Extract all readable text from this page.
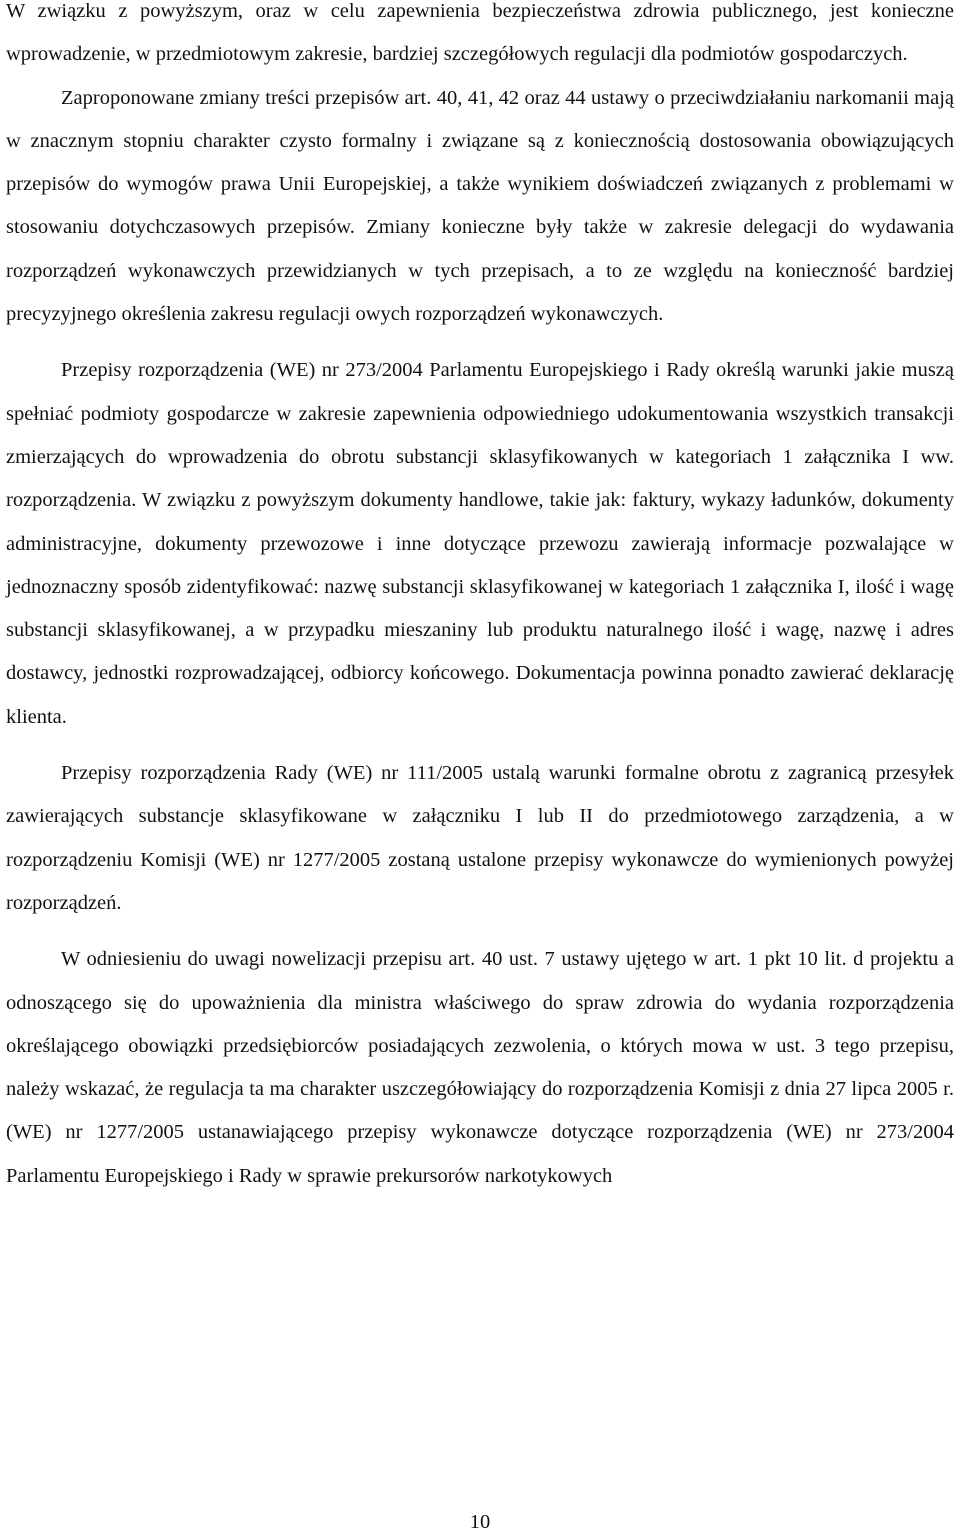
W związku z powyższym, oraz w celu zapewnienia bezpieczeństwa zdrowia publicznego, jest konieczne wprowadzenie, w przedmiotowym zakresie, bardziej szczegółowych regulacji dla podmiotów gospodarczych.

Zaproponowane zmiany treści przepisów art. 40, 41, 42 oraz 44 ustawy o przeciwdziałaniu narkomanii mają w znacznym stopniu charakter czysto formalny i związane są z koniecznością dostosowania obowiązujących przepisów do wymogów prawa Unii Europejskiej, a także wynikiem doświadczeń związanych z problemami w stosowaniu dotychczasowych przepisów. Zmiany konieczne były także w zakresie delegacji do wydawania rozporządzeń wykonawczych przewidzianych w tych przepisach, a to ze względu na konieczność bardziej precyzyjnego określenia zakresu regulacji owych rozporządzeń wykonawczych.

Przepisy rozporządzenia (WE) nr 273/2004 Parlamentu Europejskiego i Rady określą warunki jakie muszą spełniać podmioty gospodarcze w zakresie zapewnienia odpowiedniego udokumentowania wszystkich transakcji zmierzających do wprowadzenia do obrotu substancji sklasyfikowanych w kategoriach 1 załącznika I ww. rozporządzenia. W związku z powyższym dokumenty handlowe, takie jak: faktury, wykazy ładunków, dokumenty administracyjne, dokumenty przewozowe i inne dotyczące przewozu zawierają informacje pozwalające w jednoznaczny sposób zidentyfikować: nazwę substancji sklasyfikowanej w kategoriach 1 załącznika I, ilość i wagę substancji sklasyfikowanej, a w przypadku mieszaniny lub produktu naturalnego ilość i wagę, nazwę i adres dostawcy, jednostki rozprowadzającej, odbiorcy końcowego. Dokumentacja powinna ponadto zawierać deklarację klienta.

Przepisy rozporządzenia Rady (WE) nr 111/2005 ustalą warunki formalne obrotu z zagranicą przesyłek zawierających substancje sklasyfikowane w załączniku I lub II do przedmiotowego zarządzenia, a w rozporządzeniu Komisji (WE) nr 1277/2005 zostaną ustalone przepisy wykonawcze do wymienionych powyżej rozporządzeń.

W odniesieniu do uwagi nowelizacji przepisu art. 40 ust. 7 ustawy ujętego w art. 1 pkt 10 lit. d projektu a odnoszącego się do upoważnienia dla ministra właściwego do spraw zdrowia do wydania rozporządzenia określającego obowiązki przedsiębiorców posiadających zezwolenia, o których mowa w ust. 3 tego przepisu, należy wskazać, że regulacja ta ma charakter uszczegółowiający do rozporządzenia Komisji z dnia 27 lipca 2005 r. (WE) nr 1277/2005 ustanawiającego przepisy wykonawcze dotyczące rozporządzenia (WE) nr 273/2004 Parlamentu Europejskiego i Rady w sprawie prekursorów narkotykowych

10
